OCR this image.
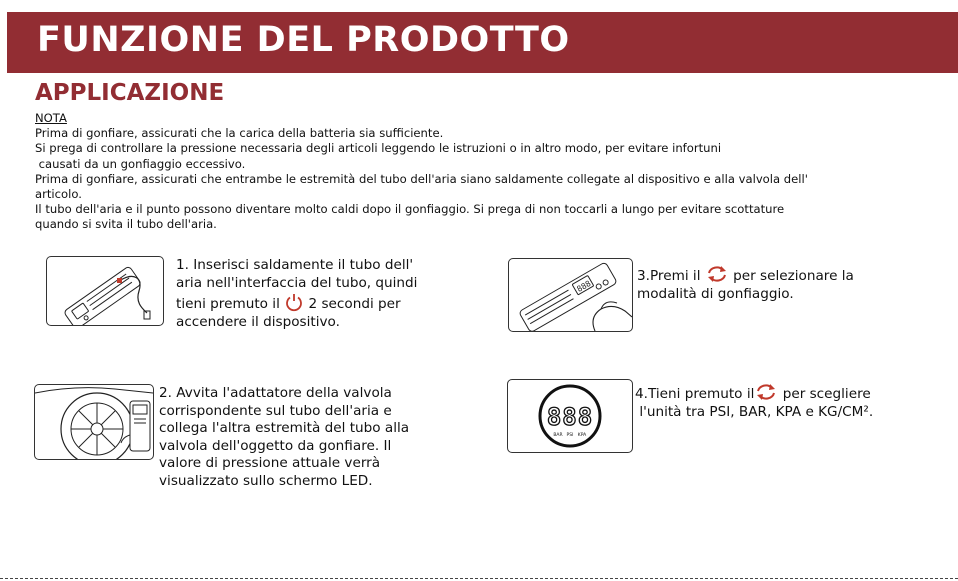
FUNZIONE DEL PRODOTTO
APPLICAZIONE
NOTA
Prima di gonfiare, assicurati che la carica della batteria sia sufficiente.
Si prega di controllare la pressione necessaria degli articoli leggendo le istruzioni o in altro modo, per evitare infortuni
causati da un gonfiaggio eccessivo.
Prima di gonfiare, assicurati che entrambe le estremità del tubo dell'aria siano saldamente collegate al dispositivo e alla valvola dell'
articolo.
Il tubo dell'aria e il punto possono diventare molto caldi dopo il gonfiaggio. Si prega di non toccarli a lungo per evitare scottature
quando si svita il tubo dell'aria.
1. Inserisci saldamente il tubo dell'
aria nell'interfaccia del tubo, quindi
tieni premuto il
2 secondi per
accendere il dispositivo.
2. Avvita l'adattatore della valvola
corrispondente sul tubo dell'aria e
collega l'altra estremità del tubo alla
valvola dell'oggetto da gonfiare. Il
valore di pressione attuale verrà
visualizzato sullo schermo LED.
888
3.Premi il
per selezionare la
modalità di gonfiaggio.
888
BAR PSI KPA
4.Tieni premuto il
per scegliere
l'unità tra PSI, BAR, KPA e KG/CM².
